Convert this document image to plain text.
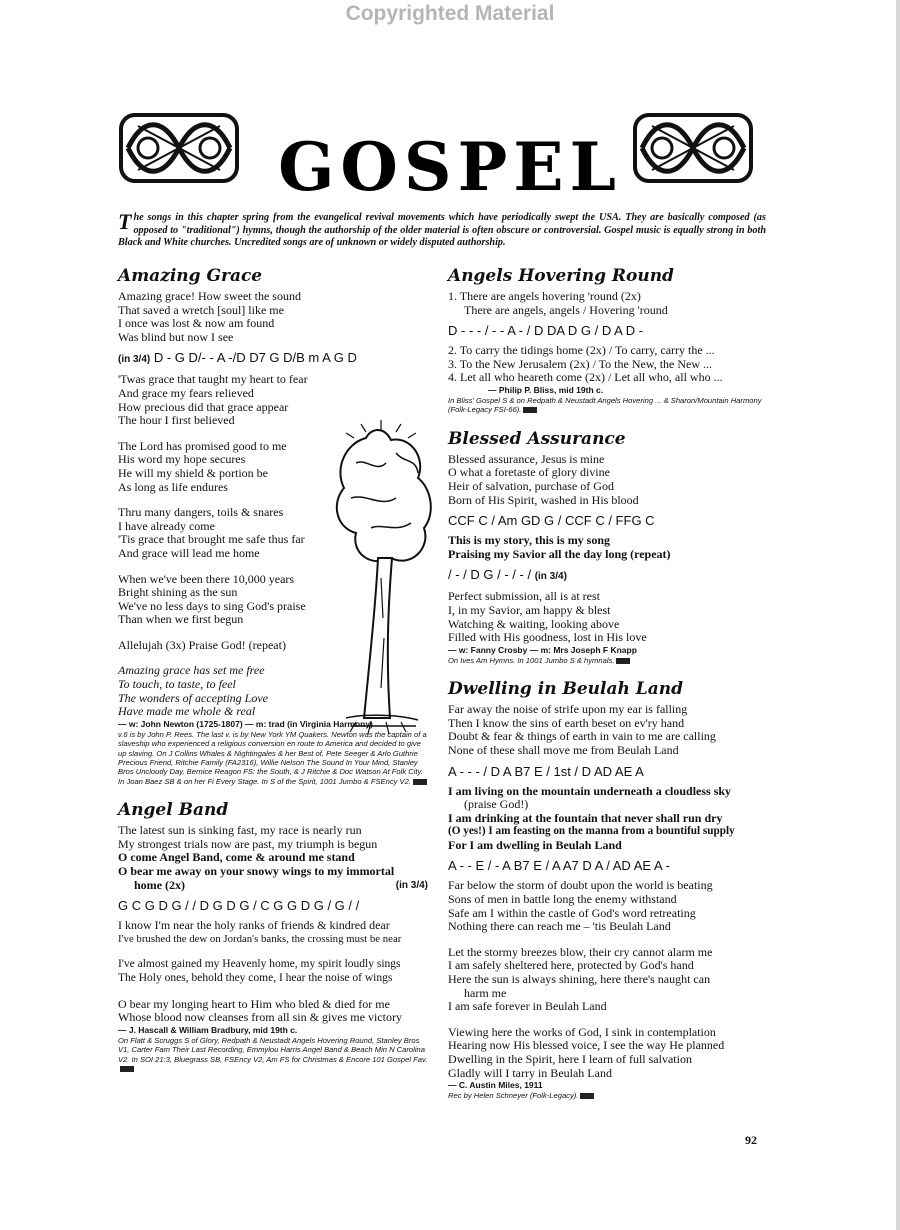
Copyrighted Material
GOSPEL
The songs in this chapter spring from the evangelical revival movements which have periodically swept the USA. They are basically composed (as opposed to "traditional") hymns, though the authorship of the older material is often obscure or controversial. Gospel music is equally strong in both Black and White churches. Uncredited songs are of unknown or widely disputed authorship.
Amazing Grace
Amazing grace! How sweet the sound
That saved a wretch [soul] like me
I once was lost & now am found
Was blind but now I see
(in 3/4) D - G D/- - A -/D D7 G D/B m A G D
'Twas grace that taught my heart to fear
And grace my fears relieved
How precious did that grace appear
The hour I first believed
The Lord has promised good to me
His word my hope secures
He will my shield & portion be
As long as life endures
Thru many dangers, toils & snares
I have already come
'Tis grace that brought me safe thus far
And grace will lead me home
When we've been there 10,000 years
Bright shining as the sun
We've no less days to sing God's praise
Than when we first begun
Allelujah (3x) Praise God! (repeat)
Amazing grace has set me free
To touch, to taste, to feel
The wonders of accepting Love
Have made me whole & real
— w: John Newton (1725-1807) — m: trad (in Virginia Harmony)
v.6 is by John P. Rees. The last v. is by New York YM Quakers. Newton was the captain of a slaveship who experienced a religious conversion en route to America and decided to give up slaving. On J Collins Whales & Nightingales & her Best of, Pete Seeger & Arlo Guthrie Precious Friend, Ritchie Family (FA2316), Willie Nelson The Sound In Your Mind, Stanley Bros Uncloudy Day, Bernice Reagon FS: the South, & J Ritchie & Doc Watson At Folk City. In Joan Baez SB & on her Fi Every Stage. In S of the Spirit, 1001 Jumbo & FSEncy V2.
Angel Band
The latest sun is sinking fast, my race is nearly run
My strongest trials now are past, my triumph is begun
O come Angel Band, come & around me stand
O bear me away on your snowy wings to my immortal
home (2x)	(in 3/4)
G C G D G / / D G D G / C G G D G / G / /
I know I'm near the holy ranks of friends & kindred dear
I've brushed the dew on Jordan's banks, the crossing must be near
I've almost gained my Heavenly home, my spirit loudly sings
The Holy ones, behold they come, I hear the noise of wings
O bear my longing heart to Him who bled & died for me
Whose blood now cleanses from all sin & gives me victory
— J. Hascall & William Bradbury, mid 19th c.
On Flatt & Scruggs S of Glory, Redpath & Neustadt Angels Hovering Round, Stanley Bros V1, Carter Fam Their Last Recording, Emmylou Harris Angel Band & Beach Min N Carolina V2. In SOI 21:3, Bluegrass SB, FSEncy V2, Am FS for Christmas & Encore 101 Gospel Fav.
Angels Hovering Round
1. There are angels hovering 'round (2x)
There are angels, angels / Hovering 'round
D - - - / - - A - / D DA D G / D A D -
2. To carry the tidings home (2x) / To carry, carry the ...
3. To the New Jerusalem (2x) / To the New, the New ...
4. Let all who heareth come (2x) / Let all who, all who ...
— Philip P. Bliss, mid 19th c.
In Bliss' Gospel S & on Redpath & Neustadt Angels Hovering ... & Sharon/Mountain Harmony (Folk-Legacy FSI-66).
Blessed Assurance
Blessed assurance, Jesus is mine
O what a foretaste of glory divine
Heir of salvation, purchase of God
Born of His Spirit, washed in His blood
CCF C / Am GD G / CCF C / FFG C
This is my story, this is my song
Praising my Savior all the day long (repeat)
/ - / D G / - / - / (in 3/4)
Perfect submission, all is at rest
I, in my Savior, am happy & blest
Watching & waiting, looking above
Filled with His goodness, lost in His love
— w: Fanny Crosby — m: Mrs Joseph F Knapp
On Ives Am Hymns. In 1001 Jumbo S & hymnals.
Dwelling in Beulah Land
Far away the noise of strife upon my ear is falling
Then I know the sins of earth beset on ev'ry hand
Doubt & fear & things of earth in vain to me are calling
None of these shall move me from Beulah Land
A - - - / D A B7 E / 1st / D AD AE A
I am living on the mountain underneath a cloudless sky
(praise God!)
I am drinking at the fountain that never shall run dry
(O yes!) I am feasting on the manna from a bountiful supply
For I am dwelling in Beulah Land
A - - E / - A B7 E / A A7 D A / AD AE A -
Far below the storm of doubt upon the world is beating
Sons of men in battle long the enemy withstand
Safe am I within the castle of God's word retreating
Nothing there can reach me – 'tis Beulah Land
Let the stormy breezes blow, their cry cannot alarm me
I am safely sheltered here, protected by God's hand
Here the sun is always shining, here there's naught can
harm me
I am safe forever in Beulah Land
Viewing here the works of God, I sink in contemplation
Hearing now His blessed voice, I see the way He planned
Dwelling in the Spirit, here I learn of full salvation
Gladly will I tarry in Beulah Land
— C. Austin Miles, 1911
Rec by Helen Schneyer (Folk-Legacy).
92
